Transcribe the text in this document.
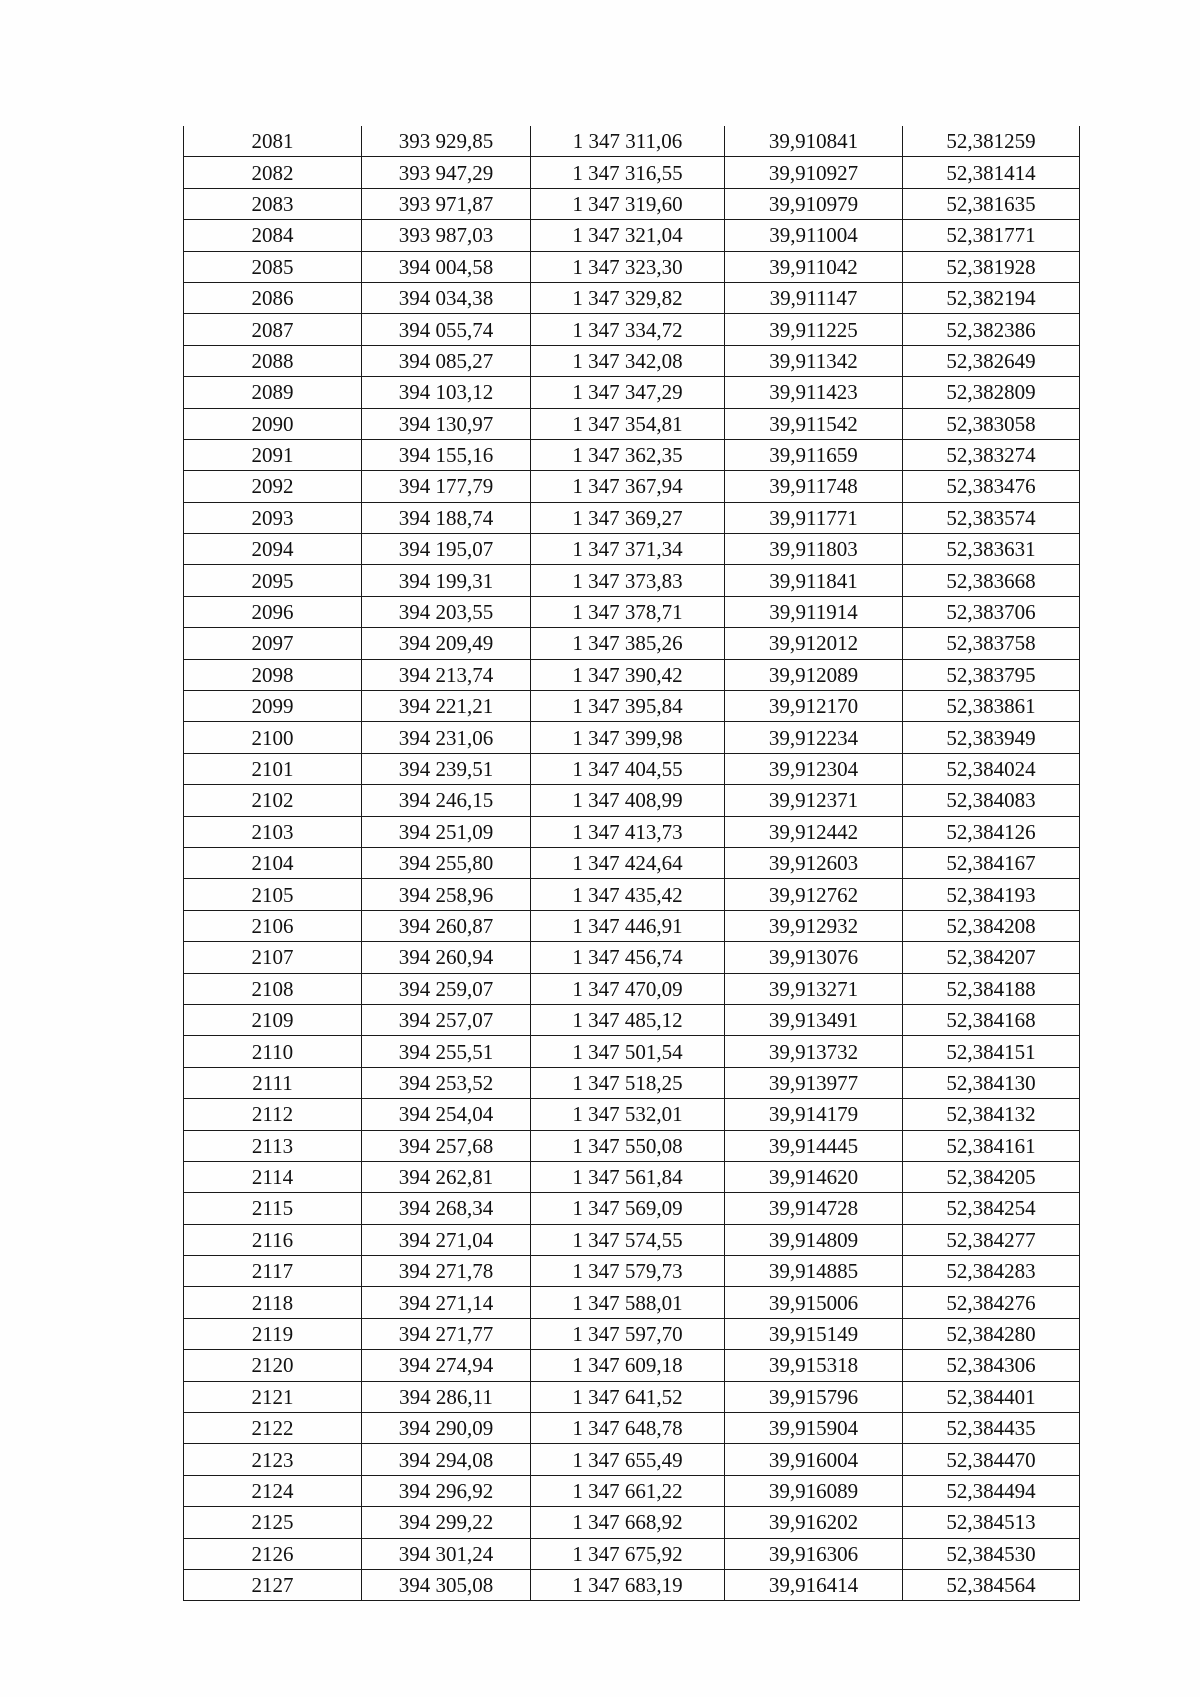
2081	393 929,85	1 347 311,06	39,910841	52,381259
2082	393 947,29	1 347 316,55	39,910927	52,381414
2083	393 971,87	1 347 319,60	39,910979	52,381635
2084	393 987,03	1 347 321,04	39,911004	52,381771
2085	394 004,58	1 347 323,30	39,911042	52,381928
2086	394 034,38	1 347 329,82	39,911147	52,382194
2087	394 055,74	1 347 334,72	39,911225	52,382386
2088	394 085,27	1 347 342,08	39,911342	52,382649
2089	394 103,12	1 347 347,29	39,911423	52,382809
2090	394 130,97	1 347 354,81	39,911542	52,383058
2091	394 155,16	1 347 362,35	39,911659	52,383274
2092	394 177,79	1 347 367,94	39,911748	52,383476
2093	394 188,74	1 347 369,27	39,911771	52,383574
2094	394 195,07	1 347 371,34	39,911803	52,383631
2095	394 199,31	1 347 373,83	39,911841	52,383668
2096	394 203,55	1 347 378,71	39,911914	52,383706
2097	394 209,49	1 347 385,26	39,912012	52,383758
2098	394 213,74	1 347 390,42	39,912089	52,383795
2099	394 221,21	1 347 395,84	39,912170	52,383861
2100	394 231,06	1 347 399,98	39,912234	52,383949
2101	394 239,51	1 347 404,55	39,912304	52,384024
2102	394 246,15	1 347 408,99	39,912371	52,384083
2103	394 251,09	1 347 413,73	39,912442	52,384126
2104	394 255,80	1 347 424,64	39,912603	52,384167
2105	394 258,96	1 347 435,42	39,912762	52,384193
2106	394 260,87	1 347 446,91	39,912932	52,384208
2107	394 260,94	1 347 456,74	39,913076	52,384207
2108	394 259,07	1 347 470,09	39,913271	52,384188
2109	394 257,07	1 347 485,12	39,913491	52,384168
2110	394 255,51	1 347 501,54	39,913732	52,384151
2111	394 253,52	1 347 518,25	39,913977	52,384130
2112	394 254,04	1 347 532,01	39,914179	52,384132
2113	394 257,68	1 347 550,08	39,914445	52,384161
2114	394 262,81	1 347 561,84	39,914620	52,384205
2115	394 268,34	1 347 569,09	39,914728	52,384254
2116	394 271,04	1 347 574,55	39,914809	52,384277
2117	394 271,78	1 347 579,73	39,914885	52,384283
2118	394 271,14	1 347 588,01	39,915006	52,384276
2119	394 271,77	1 347 597,70	39,915149	52,384280
2120	394 274,94	1 347 609,18	39,915318	52,384306
2121	394 286,11	1 347 641,52	39,915796	52,384401
2122	394 290,09	1 347 648,78	39,915904	52,384435
2123	394 294,08	1 347 655,49	39,916004	52,384470
2124	394 296,92	1 347 661,22	39,916089	52,384494
2125	394 299,22	1 347 668,92	39,916202	52,384513
2126	394 301,24	1 347 675,92	39,916306	52,384530
2127	394 305,08	1 347 683,19	39,916414	52,384564
